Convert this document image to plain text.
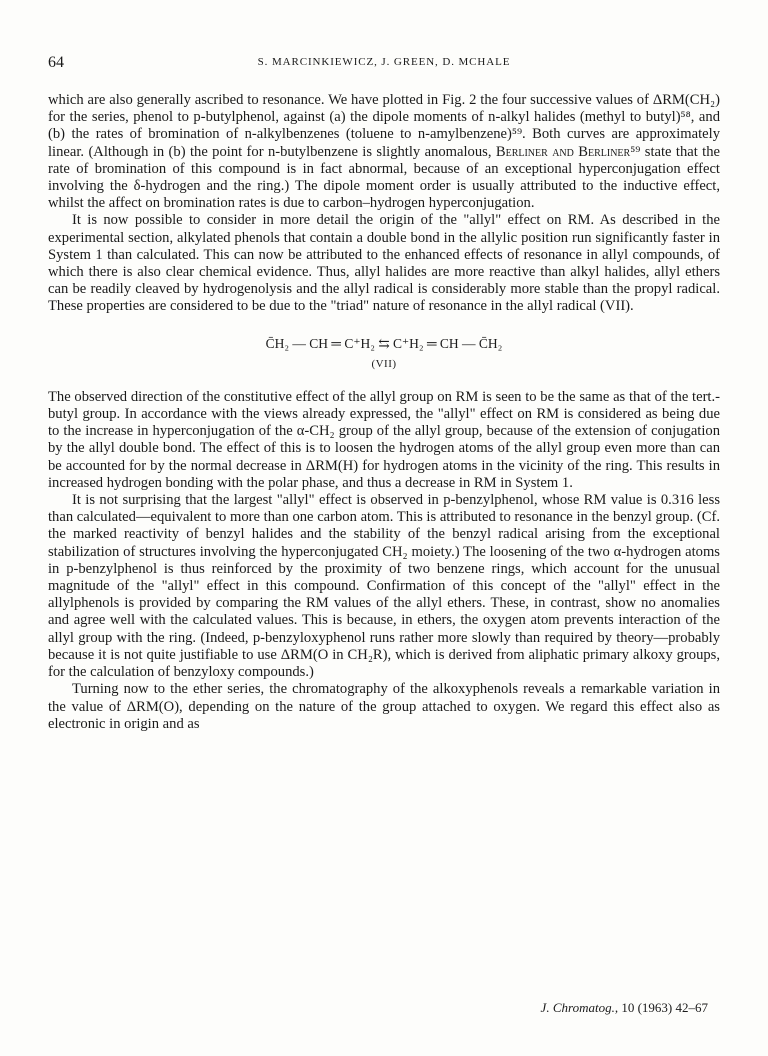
64	S. MARCINKIEWICZ, J. GREEN, D. MCHALE

which are also generally ascribed to resonance. We have plotted in Fig. 2 the four successive values of ΔRM(CH₂) for the series, phenol to p-butylphenol, against (a) the dipole moments of n-alkyl halides (methyl to butyl)⁵⁸, and (b) the rates of bromination of n-alkylbenzenes (toluene to n-amylbenzene)⁵⁹. Both curves are approximately linear. (Although in (b) the point for n-butylbenzene is slightly anomalous, Berliner and Berliner⁵⁹ state that the rate of bromination of this compound is in fact abnormal, because of an exceptional hyperconjugation effect involving the δ-hydrogen and the ring.) The dipole moment order is usually attributed to the inductive effect, whilst the affect on bromination rates is due to carbon–hydrogen hyperconjugation.

It is now possible to consider in more detail the origin of the "allyl" effect on RM. As described in the experimental section, alkylated phenols that contain a double bond in the allylic position run significantly faster in System 1 than calculated. This can now be attributed to the enhanced effects of resonance in allyl compounds, of which there is also clear chemical evidence. Thus, allyl halides are more reactive than alkyl halides, allyl ethers can be readily cleaved by hydrogenolysis and the allyl radical is considerably more stable than the propyl radical. These properties are considered to be due to the "triad" nature of resonance in the allyl radical (VII).

C̄H₂ — CH ═ C⁺H₂ ⇆ C⁺H₂ ═ CH — C̄H₂
(VII)

The observed direction of the constitutive effect of the allyl group on RM is seen to be the same as that of the tert.-butyl group. In accordance with the views already expressed, the "allyl" effect on RM is considered as being due to the increase in hyperconjugation of the α-CH₂ group of the allyl group, because of the extension of conjugation by the allyl double bond. The effect of this is to loosen the hydrogen atoms of the allyl group even more than can be accounted for by the normal decrease in ΔRM(H) for hydrogen atoms in the vicinity of the ring. This results in increased hydrogen bonding with the polar phase, and thus a decrease in RM in System 1.

It is not surprising that the largest "allyl" effect is observed in p-benzylphenol, whose RM value is 0.316 less than calculated—equivalent to more than one carbon atom. This is attributed to resonance in the benzyl group. (Cf. the marked reactivity of benzyl halides and the stability of the benzyl radical arising from the exceptional stabilization of structures involving the hyperconjugated CH₂ moiety.) The loosening of the two α-hydrogen atoms in p-benzylphenol is thus reinforced by the proximity of two benzene rings, which account for the unusual magnitude of the "allyl" effect in this compound. Confirmation of this concept of the "allyl" effect in the allylphenols is provided by comparing the RM values of the allyl ethers. These, in contrast, show no anomalies and agree well with the calculated values. This is because, in ethers, the oxygen atom prevents interaction of the allyl group with the ring. (Indeed, p-benzyloxyphenol runs rather more slowly than required by theory—probably because it is not quite justifiable to use ΔRM(O in CH₂R), which is derived from aliphatic primary alkoxy groups, for the calculation of benzyloxy compounds.)

Turning now to the ether series, the chromatography of the alkoxyphenols reveals a remarkable variation in the value of ΔRM(O), depending on the nature of the group attached to oxygen. We regard this effect also as electronic in origin and as

J. Chromatog., 10 (1963) 42–67
